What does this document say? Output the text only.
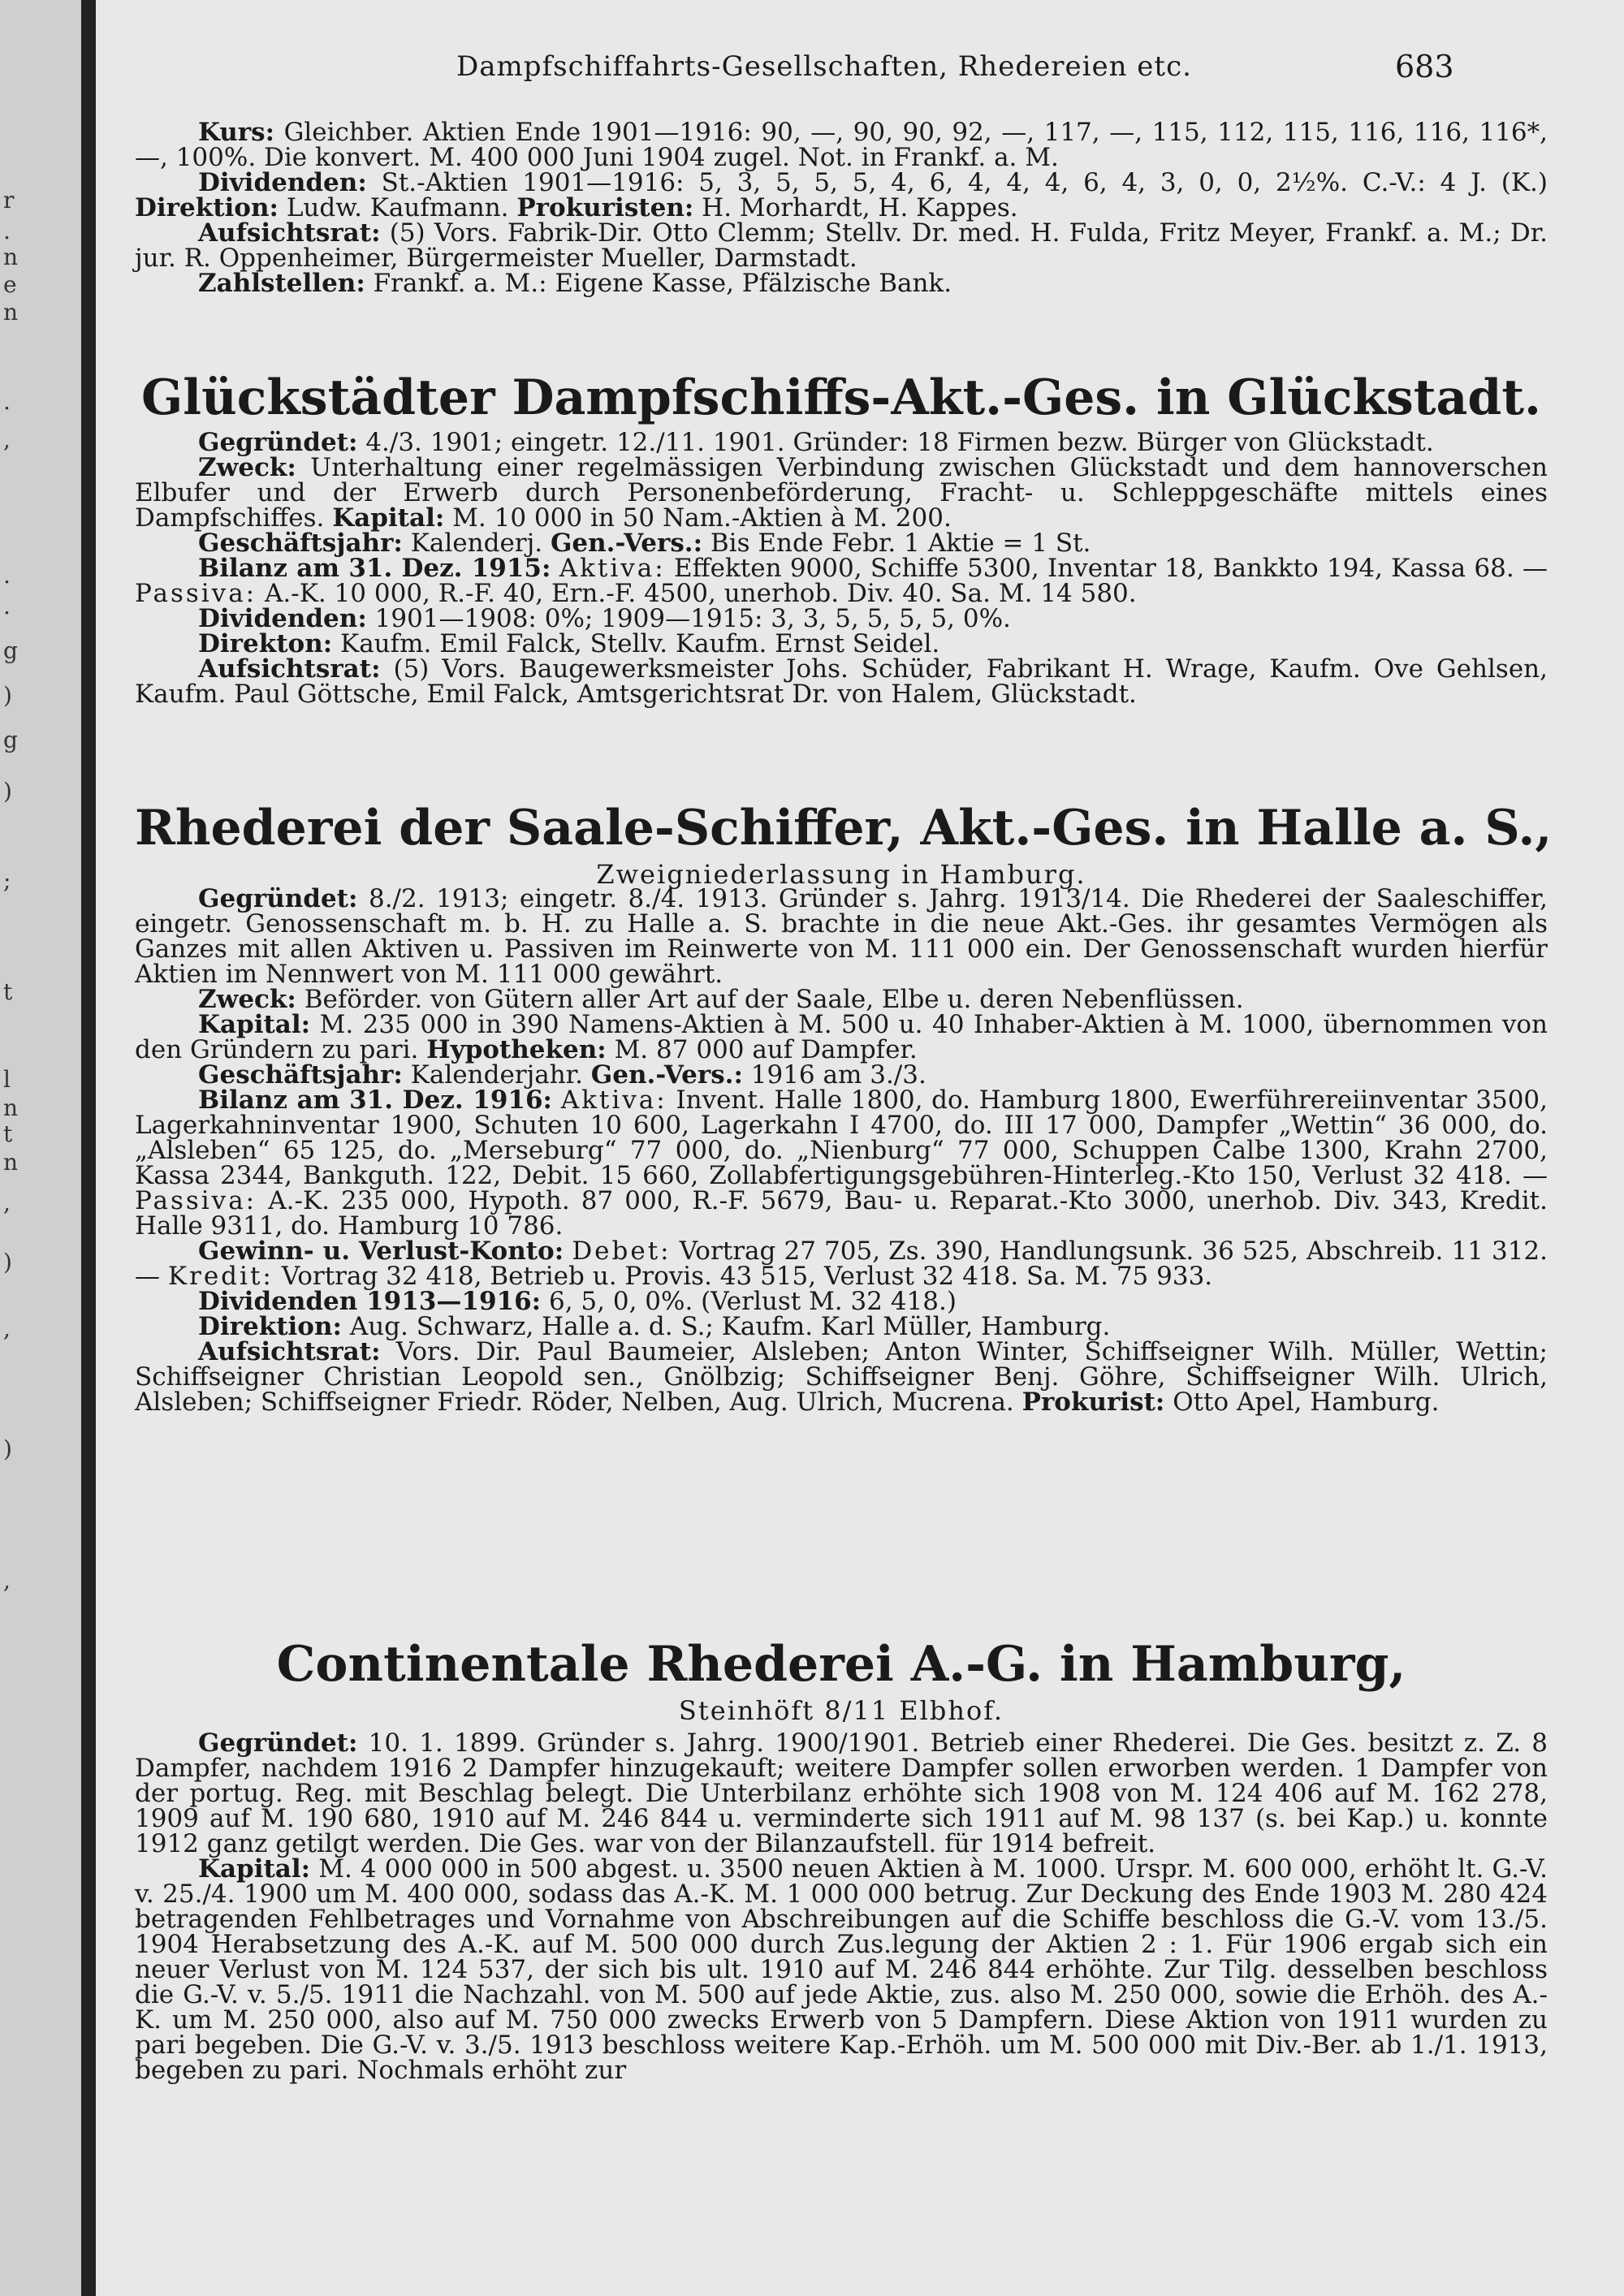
r
.
n
e
n
.
,
.
.
g
)
g
)
;
t
l
n
t
n
,
)
,
)
,
Dampfschiffahrts-Gesellschaften, Rhedereien etc.	683

Kurs: Gleichber. Aktien Ende 1901—1916: 90, —, 90, 90, 92, —, 117, —, 115, 112, 115, 116, 116, 116*, —, 100%. Die konvert. M. 400 000 Juni 1904 zugel. Not. in Frankf. a. M.

Dividenden: St.-Aktien 1901—1916: 5, 3, 5, 5, 5, 4, 6, 4, 4, 4, 6, 4, 3, 0, 0, 2½%. C.-V.: 4 J. (K.) Direktion: Ludw. Kaufmann. Prokuristen: H. Morhardt, H. Kappes.

Aufsichtsrat: (5) Vors. Fabrik-Dir. Otto Clemm; Stellv. Dr. med. H. Fulda, Fritz Meyer, Frankf. a. M.; Dr. jur. R. Oppenheimer, Bürgermeister Mueller, Darmstadt.

Zahlstellen: Frankf. a. M.: Eigene Kasse, Pfälzische Bank.

Glückstädter Dampfschiffs-Akt.-Ges. in Glückstadt.

Gegründet: 4./3. 1901; eingetr. 12./11. 1901. Gründer: 18 Firmen bezw. Bürger von Glückstadt.

Zweck: Unterhaltung einer regelmässigen Verbindung zwischen Glückstadt und dem hannoverschen Elbufer und der Erwerb durch Personenbeförderung, Fracht- u. Schleppgeschäfte mittels eines Dampfschiffes. Kapital: M. 10 000 in 50 Nam.-Aktien à M. 200.

Geschäftsjahr: Kalenderj. Gen.-Vers.: Bis Ende Febr. 1 Aktie = 1 St.

Bilanz am 31. Dez. 1915: Aktiva: Effekten 9000, Schiffe 5300, Inventar 18, Bankkto 194, Kassa 68. — Passiva: A.-K. 10 000, R.-F. 40, Ern.-F. 4500, unerhob. Div. 40. Sa. M. 14 580.

Dividenden: 1901—1908: 0%; 1909—1915: 3, 3, 5, 5, 5, 5, 0%.

Direkton: Kaufm. Emil Falck, Stellv. Kaufm. Ernst Seidel.

Aufsichtsrat: (5) Vors. Baugewerksmeister Johs. Schüder, Fabrikant H. Wrage, Kaufm. Ove Gehlsen, Kaufm. Paul Göttsche, Emil Falck, Amtsgerichtsrat Dr. von Halem, Glückstadt.

Rhederei der Saale-Schiffer, Akt.-Ges. in Halle a. S.,
Zweigniederlassung in Hamburg.

Gegründet: 8./2. 1913; eingetr. 8./4. 1913. Gründer s. Jahrg. 1913/14. Die Rhederei der Saaleschiffer, eingetr. Genossenschaft m. b. H. zu Halle a. S. brachte in die neue Akt.-Ges. ihr gesamtes Vermögen als Ganzes mit allen Aktiven u. Passiven im Reinwerte von M. 111 000 ein. Der Genossenschaft wurden hierfür Aktien im Nennwert von M. 111 000 gewährt.

Zweck: Beförder. von Gütern aller Art auf der Saale, Elbe u. deren Nebenflüssen.

Kapital: M. 235 000 in 390 Namens-Aktien à M. 500 u. 40 Inhaber-Aktien à M. 1000, übernommen von den Gründern zu pari. Hypotheken: M. 87 000 auf Dampfer.

Geschäftsjahr: Kalenderjahr. Gen.-Vers.: 1916 am 3./3.

Bilanz am 31. Dez. 1916: Aktiva: Invent. Halle 1800, do. Hamburg 1800, Ewerführereiinventar 3500, Lagerkahninventar 1900, Schuten 10 600, Lagerkahn I 4700, do. III 17 000, Dampfer „Wettin“ 36 000, do. „Alsleben“ 65 125, do. „Merseburg“ 77 000, do. „Nienburg“ 77 000, Schuppen Calbe 1300, Krahn 2700, Kassa 2344, Bankguth. 122, Debit. 15 660, Zollabfertigungsgebühren-Hinterleg.-Kto 150, Verlust 32 418. — Passiva: A.-K. 235 000, Hypoth. 87 000, R.-F. 5679, Bau- u. Reparat.-Kto 3000, unerhob. Div. 343, Kredit. Halle 9311, do. Hamburg 10 786.

Gewinn- u. Verlust-Konto: Debet: Vortrag 27 705, Zs. 390, Handlungsunk. 36 525, Abschreib. 11 312. — Kredit: Vortrag 32 418, Betrieb u. Provis. 43 515, Verlust 32 418. Sa. M. 75 933.

Dividenden 1913—1916: 6, 5, 0, 0%. (Verlust M. 32 418.)

Direktion: Aug. Schwarz, Halle a. d. S.; Kaufm. Karl Müller, Hamburg.

Aufsichtsrat: Vors. Dir. Paul Baumeier, Alsleben; Anton Winter, Schiffseigner Wilh. Müller, Wettin; Schiffseigner Christian Leopold sen., Gnölbzig; Schiffseigner Benj. Göhre, Schiffseigner Wilh. Ulrich, Alsleben; Schiffseigner Friedr. Röder, Nelben, Aug. Ulrich, Mucrena. Prokurist: Otto Apel, Hamburg.

Continentale Rhederei A.-G. in Hamburg,
Steinhöft 8/11 Elbhof.

Gegründet: 10. 1. 1899. Gründer s. Jahrg. 1900/1901. Betrieb einer Rhederei. Die Ges. besitzt z. Z. 8 Dampfer, nachdem 1916 2 Dampfer hinzugekauft; weitere Dampfer sollen erworben werden. 1 Dampfer von der portug. Reg. mit Beschlag belegt. Die Unterbilanz erhöhte sich 1908 von M. 124 406 auf M. 162 278, 1909 auf M. 190 680, 1910 auf M. 246 844 u. verminderte sich 1911 auf M. 98 137 (s. bei Kap.) u. konnte 1912 ganz getilgt werden. Die Ges. war von der Bilanzaufstell. für 1914 befreit.

Kapital: M. 4 000 000 in 500 abgest. u. 3500 neuen Aktien à M. 1000. Urspr. M. 600 000, erhöht lt. G.-V. v. 25./4. 1900 um M. 400 000, sodass das A.-K. M. 1 000 000 betrug. Zur Deckung des Ende 1903 M. 280 424 betragenden Fehlbetrages und Vornahme von Abschreibungen auf die Schiffe beschloss die G.-V. vom 13./5. 1904 Herabsetzung des A.-K. auf M. 500 000 durch Zus.legung der Aktien 2 : 1. Für 1906 ergab sich ein neuer Verlust von M. 124 537, der sich bis ult. 1910 auf M. 246 844 erhöhte. Zur Tilg. desselben beschloss die G.-V. v. 5./5. 1911 die Nachzahl. von M. 500 auf jede Aktie, zus. also M. 250 000, sowie die Erhöh. des A.-K. um M. 250 000, also auf M. 750 000 zwecks Erwerb von 5 Dampfern. Diese Aktion von 1911 wurden zu pari begeben. Die G.-V. v. 3./5. 1913 beschloss weitere Kap.-Erhöh. um M. 500 000 mit Div.-Ber. ab 1./1. 1913, begeben zu pari. Nochmals erhöht zur
